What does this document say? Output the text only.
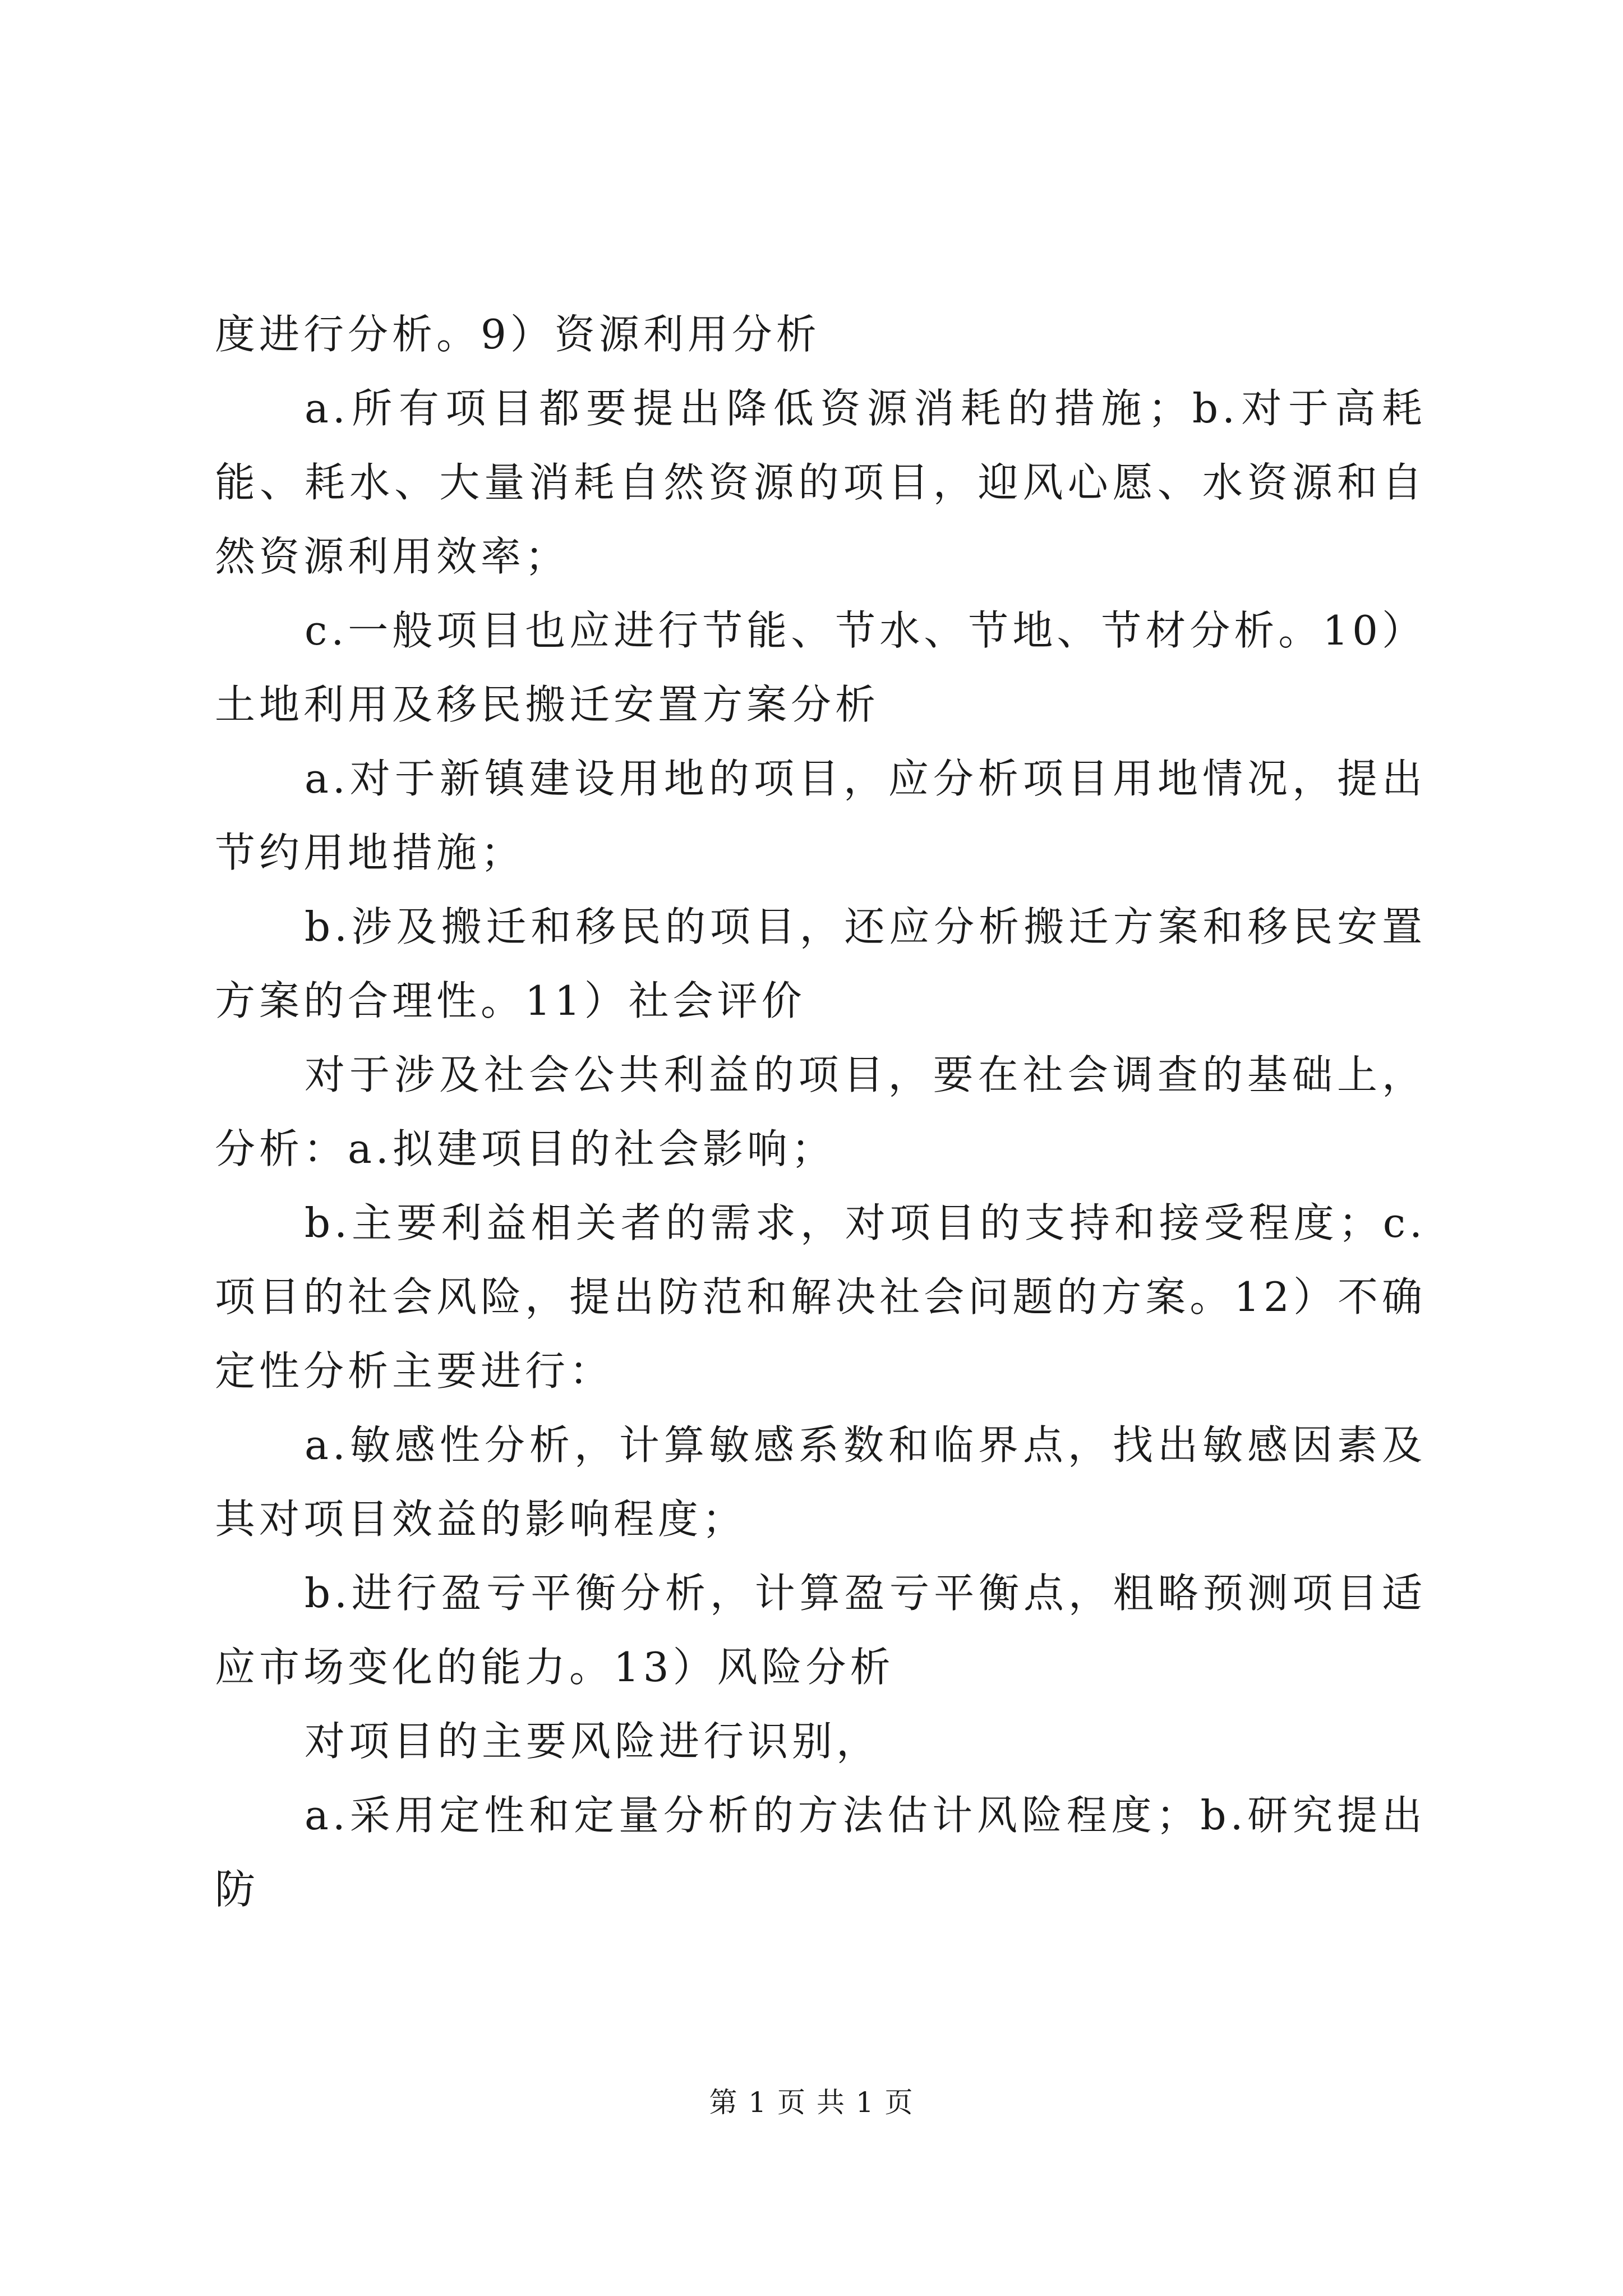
度进行分析。9）资源利用分析

a.所有项目都要提出降低资源消耗的措施；b.对于高耗能、耗水、大量消耗自然资源的项目，迎风心愿、水资源和自然资源利用效率；

c.一般项目也应进行节能、节水、节地、节材分析。10）土地利用及移民搬迁安置方案分析

a.对于新镇建设用地的项目，应分析项目用地情况，提出节约用地措施；

b.涉及搬迁和移民的项目，还应分析搬迁方案和移民安置方案的合理性。11）社会评价

对于涉及社会公共利益的项目，要在社会调查的基础上，分析：a.拟建项目的社会影响；

b.主要利益相关者的需求，对项目的支持和接受程度；c.项目的社会风险，提出防范和解决社会问题的方案。12）不确定性分析主要进行：

a.敏感性分析，计算敏感系数和临界点，找出敏感因素及其对项目效益的影响程度；

b.进行盈亏平衡分析，计算盈亏平衡点，粗略预测项目适应市场变化的能力。13）风险分析

对项目的主要风险进行识别，

a.采用定性和定量分析的方法估计风险程度；b.研究提出防

第 1 页 共 1 页
